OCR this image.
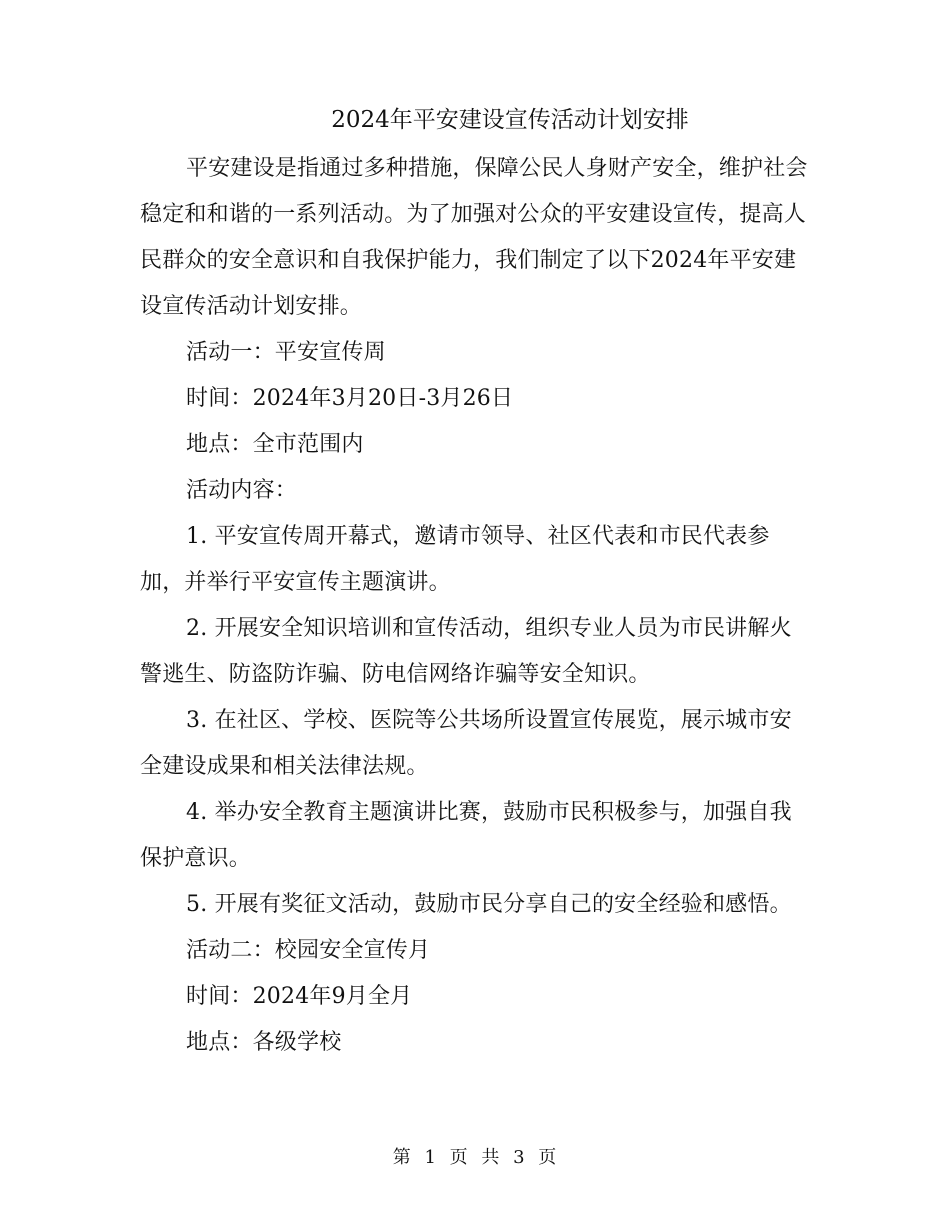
2024年平安建设宣传活动计划安排

平安建设是指通过多种措施，保障公民人身财产安全，维护社会稳定和和谐的一系列活动。为了加强对公众的平安建设宣传，提高人民群众的安全意识和自我保护能力，我们制定了以下2024年平安建设宣传活动计划安排。

活动一：平安宣传周

时间：2024年3月20日-3月26日

地点：全市范围内

活动内容：

1. 平安宣传周开幕式，邀请市领导、社区代表和市民代表参加，并举行平安宣传主题演讲。

2. 开展安全知识培训和宣传活动，组织专业人员为市民讲解火警逃生、防盗防诈骗、防电信网络诈骗等安全知识。

3. 在社区、学校、医院等公共场所设置宣传展览，展示城市安全建设成果和相关法律法规。

4. 举办安全教育主题演讲比赛，鼓励市民积极参与，加强自我保护意识。

5. 开展有奖征文活动，鼓励市民分享自己的安全经验和感悟。

活动二：校园安全宣传月

时间：2024年9月全月

地点：各级学校

第 1 页 共 3 页
